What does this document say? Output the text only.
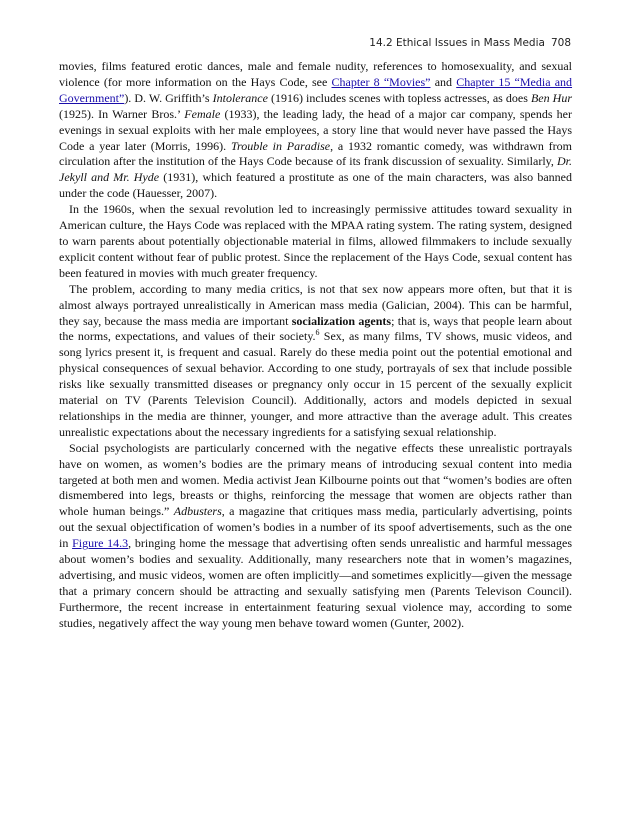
14.2 Ethical Issues in Mass Media 708

movies, films featured erotic dances, male and female nudity, references to homosexuality, and sexual violence (for more information on the Hays Code, see Chapter 8 “Movies” and Chapter 15 “Media and Government”). D. W. Griffith’s Intolerance (1916) includes scenes with topless actresses, as does Ben Hur (1925). In Warner Bros.’ Female (1933), the leading lady, the head of a major car company, spends her evenings in sexual exploits with her male employees, a story line that would never have passed the Hays Code a year later (Morris, 1996). Trouble in Paradise, a 1932 romantic comedy, was withdrawn from circulation after the institution of the Hays Code because of its frank discussion of sexuality. Similarly, Dr. Jekyll and Mr. Hyde (1931), which featured a prostitute as one of the main characters, was also banned under the code (Hauesser, 2007).

In the 1960s, when the sexual revolution led to increasingly permissive attitudes toward sexuality in American culture, the Hays Code was replaced with the MPAA rating system. The rating system, designed to warn parents about potentially objectionable material in films, allowed filmmakers to include sexually explicit content without fear of public protest. Since the replacement of the Hays Code, sexual content has been featured in movies with much greater frequency.

The problem, according to many media critics, is not that sex now appears more often, but that it is almost always portrayed unrealistically in American mass media (Galician, 2004). This can be harmful, they say, because the mass media are important socialization agents; that is, ways that people learn about the norms, expectations, and values of their society.$^6$ Sex, as many films, TV shows, music videos, and song lyrics present it, is frequent and casual. Rarely do these media point out the potential emotional and physical consequences of sexual behavior. According to one study, portrayals of sex that include possible risks like sexually transmitted diseases or pregnancy only occur in 15 percent of the sexually explicit material on TV (Parents Television Council). Additionally, actors and models depicted in sexual relationships in the media are thinner, younger, and more attractive than the average adult. This creates unrealistic expectations about the necessary ingredients for a satisfying sexual relationship.

Social psychologists are particularly concerned with the negative effects these unrealistic portrayals have on women, as women’s bodies are the primary means of introducing sexual content into media targeted at both men and women. Media activist Jean Kilbourne points out that “women’s bodies are often dismembered into legs, breasts or thighs, reinforcing the message that women are objects rather than whole human beings.” Adbusters, a magazine that critiques mass media, particularly advertising, points out the sexual objectification of women’s bodies in a number of its spoof advertisements, such as the one in Figure 14.3, bringing home the message that advertising often sends unrealistic and harmful messages about women’s bodies and sexuality. Additionally, many researchers note that in women’s magazines, advertising, and music videos, women are often implicitly—and sometimes explicitly—given the message that a primary concern should be attracting and sexually satisfying men (Parents Televison Council). Furthermore, the recent increase in entertainment featuring sexual violence may, according to some studies, negatively affect the way young men behave toward women (Gunter, 2002).
